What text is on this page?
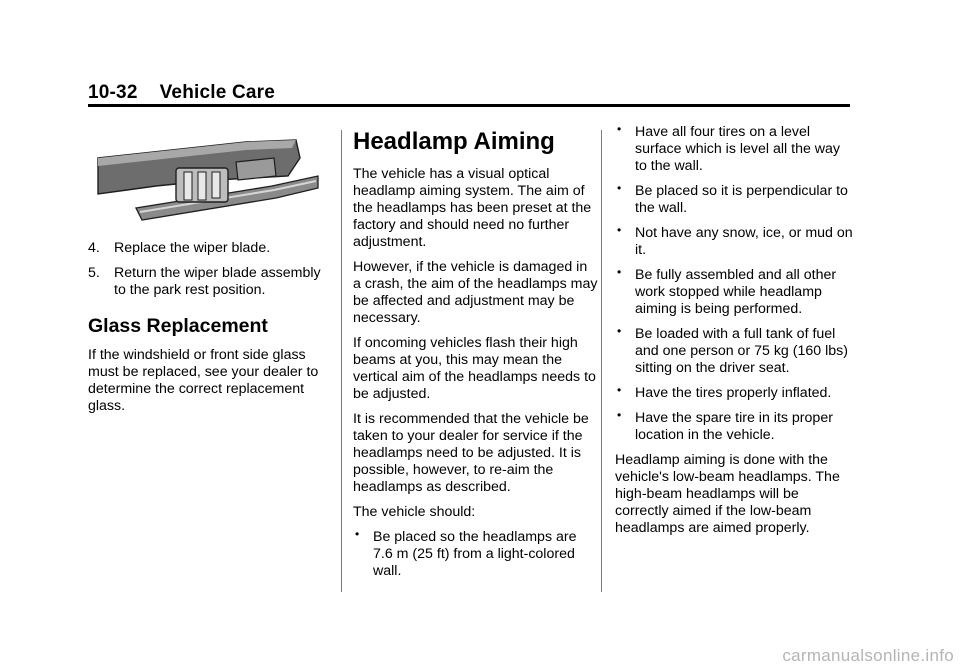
10-32 Vehicle Care
4. Replace the wiper blade.
5. Return the wiper blade assembly to the park rest position.
Glass Replacement

If the windshield or front side glass must be replaced, see your dealer to determine the correct replacement glass.

Headlamp Aiming

The vehicle has a visual optical headlamp aiming system. The aim of the headlamps has been preset at the factory and should need no further adjustment.

However, if the vehicle is damaged in a crash, the aim of the headlamps may be affected and adjustment may be necessary.

If oncoming vehicles flash their high beams at you, this may mean the vertical aim of the headlamps needs to be adjusted.

It is recommended that the vehicle be taken to your dealer for service if the headlamps need to be adjusted. It is possible, however, to re-aim the headlamps as described.

The vehicle should:

• Be placed so the headlamps are 7.6 m (25 ft) from a light-colored wall.
• Have all four tires on a level surface which is level all the way to the wall.
• Be placed so it is perpendicular to the wall.
• Not have any snow, ice, or mud on it.
• Be fully assembled and all other work stopped while headlamp aiming is being performed.
• Be loaded with a full tank of fuel and one person or 75 kg (160 lbs) sitting on the driver seat.
• Have the tires properly inflated.
• Have the spare tire in its proper location in the vehicle.

Headlamp aiming is done with the vehicle's low-beam headlamps. The high-beam headlamps will be correctly aimed if the low-beam headlamps are aimed properly.

carmanualsonline.info
